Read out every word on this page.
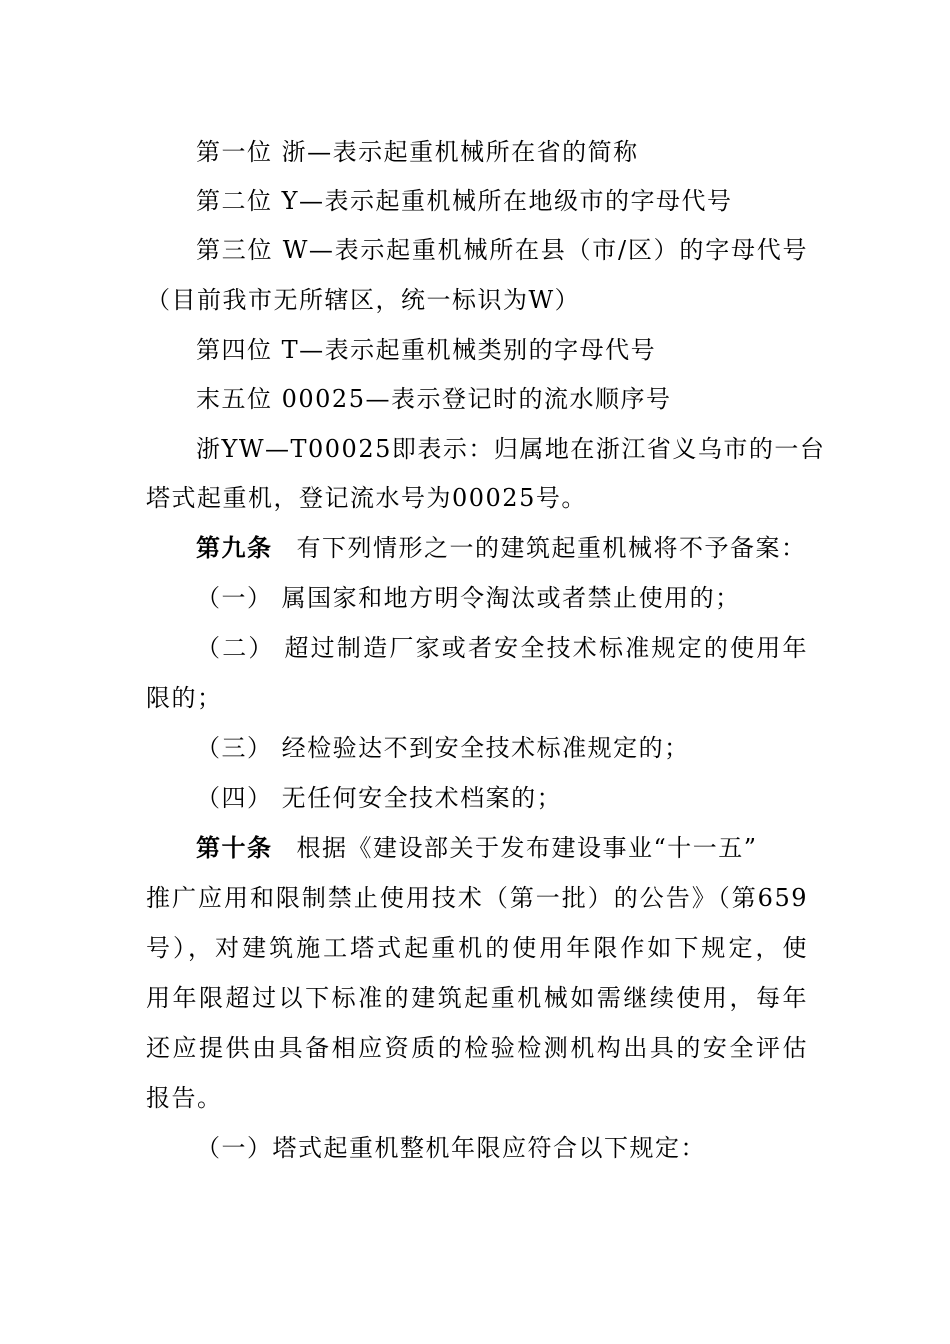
第一位 浙—表示起重机械所在省的简称
第二位 Y—表示起重机械所在地级市的字母代号
第三位 W—表示起重机械所在县（市/区）的字母代号
（目前我市无所辖区，统一标识为W）
第四位 T—表示起重机械类别的字母代号
末五位 00025—表示登记时的流水顺序号
浙YW—T00025即表示：归属地在浙江省义乌市的一台
塔式起重机，登记流水号为00025号。
第九条 有下列情形之一的建筑起重机械将不予备案：
（一） 属国家和地方明令淘汰或者禁止使用的；
（二） 超过制造厂家或者安全技术标准规定的使用年
限的；
（三） 经检验达不到安全技术标准规定的；
（四） 无任何安全技术档案的；
第十条 根据《建设部关于发布建设事业“十一五”
推广应用和限制禁止使用技术（第一批）的公告》（第659
号），对建筑施工塔式起重机的使用年限作如下规定，使
用年限超过以下标准的建筑起重机械如需继续使用，每年
还应提供由具备相应资质的检验检测机构出具的安全评估
报告。
（一）塔式起重机整机年限应符合以下规定：
